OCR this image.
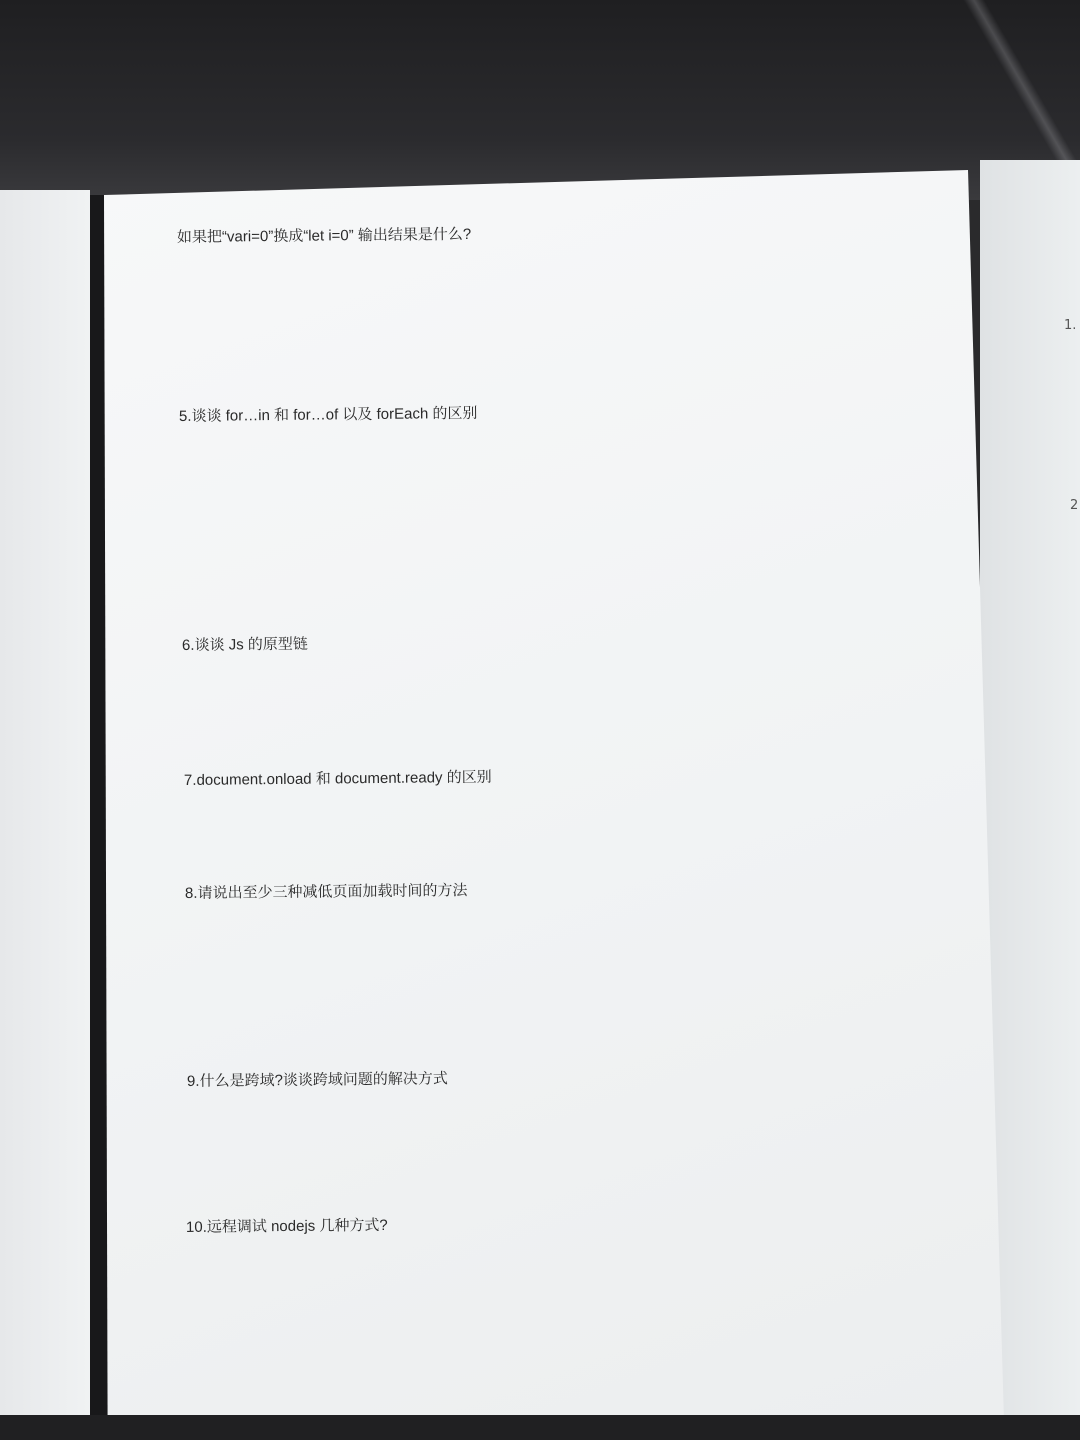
1.
2
如果把“vari=0”换成“let i=0” 输出结果是什么?
5.谈谈 for…in 和 for…of 以及 forEach 的区别
6.谈谈 Js 的原型链
7.document.onload 和 document.ready 的区别
8.请说出至少三种减低页面加载时间的方法
9.什么是跨域?谈谈跨域问题的解决方式
10.远程调试 nodejs 几种方式?
